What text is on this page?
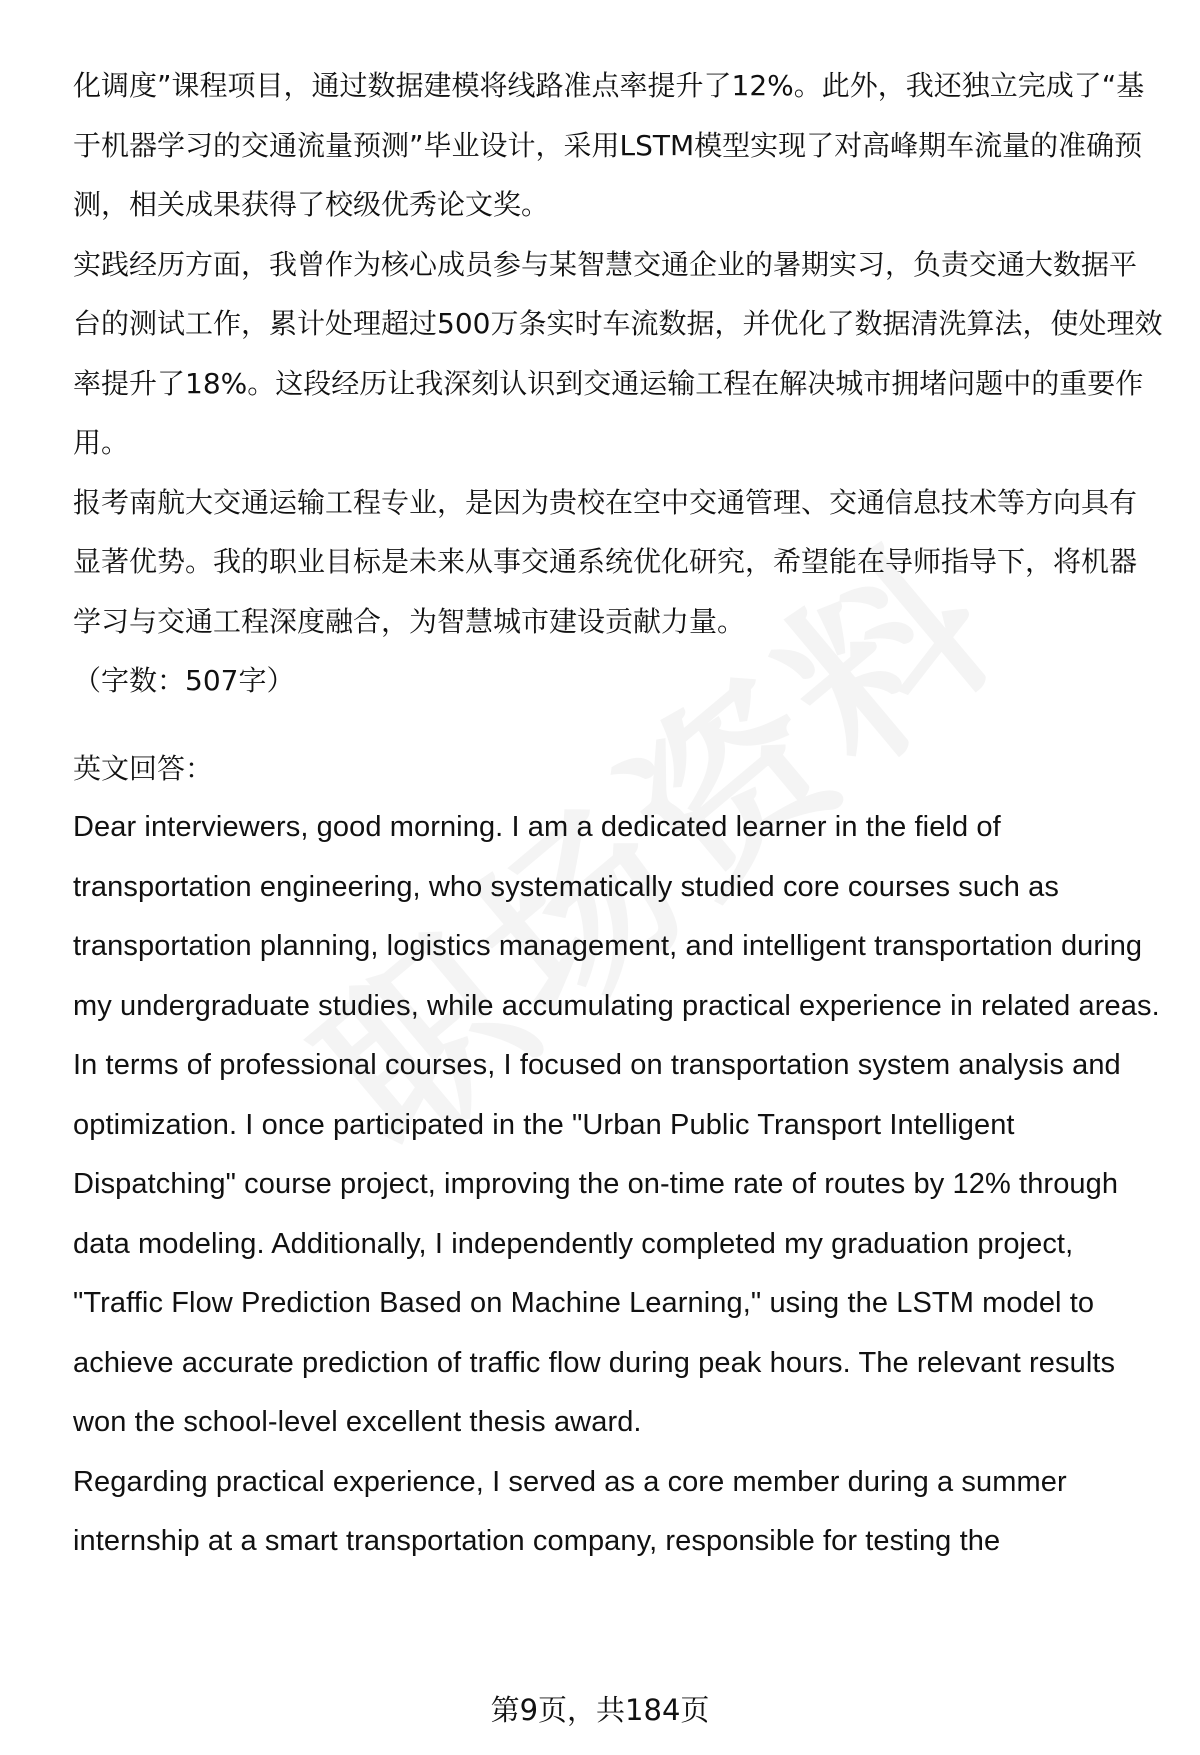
化调度”课程项目，通过数据建模将线路准点率提升了12%。此外，我还独立完成了“基于机器学习的交通流量预测”毕业设计，采用LSTM模型实现了对高峰期车流量的准确预测，相关成果获得了校级优秀论文奖。

实践经历方面，我曾作为核心成员参与某智慧交通企业的暑期实习，负责交通大数据平台的测试工作，累计处理超过500万条实时车流数据，并优化了数据清洗算法，使处理效率提升了18%。这段经历让我深刻认识到交通运输工程在解决城市拥堵问题中的重要作用。

报考南航大交通运输工程专业，是因为贵校在空中交通管理、交通信息技术等方向具有显著优势。我的职业目标是未来从事交通系统优化研究，希望能在导师指导下，将机器学习与交通工程深度融合，为智慧城市建设贡献力量。

（字数：507字）

英文回答：

Dear interviewers, good morning. I am a dedicated learner in the field of transportation engineering, who systematically studied core courses such as transportation planning, logistics management, and intelligent transportation during my undergraduate studies, while accumulating practical experience in related areas.

In terms of professional courses, I focused on transportation system analysis and optimization. I once participated in the "Urban Public Transport Intelligent Dispatching" course project, improving the on-time rate of routes by 12% through data modeling. Additionally, I independently completed my graduation project, "Traffic Flow Prediction Based on Machine Learning," using the LSTM model to achieve accurate prediction of traffic flow during peak hours. The relevant results won the school-level excellent thesis award.

Regarding practical experience, I served as a core member during a summer internship at a smart transportation company, responsible for testing the

第9页，共184页
